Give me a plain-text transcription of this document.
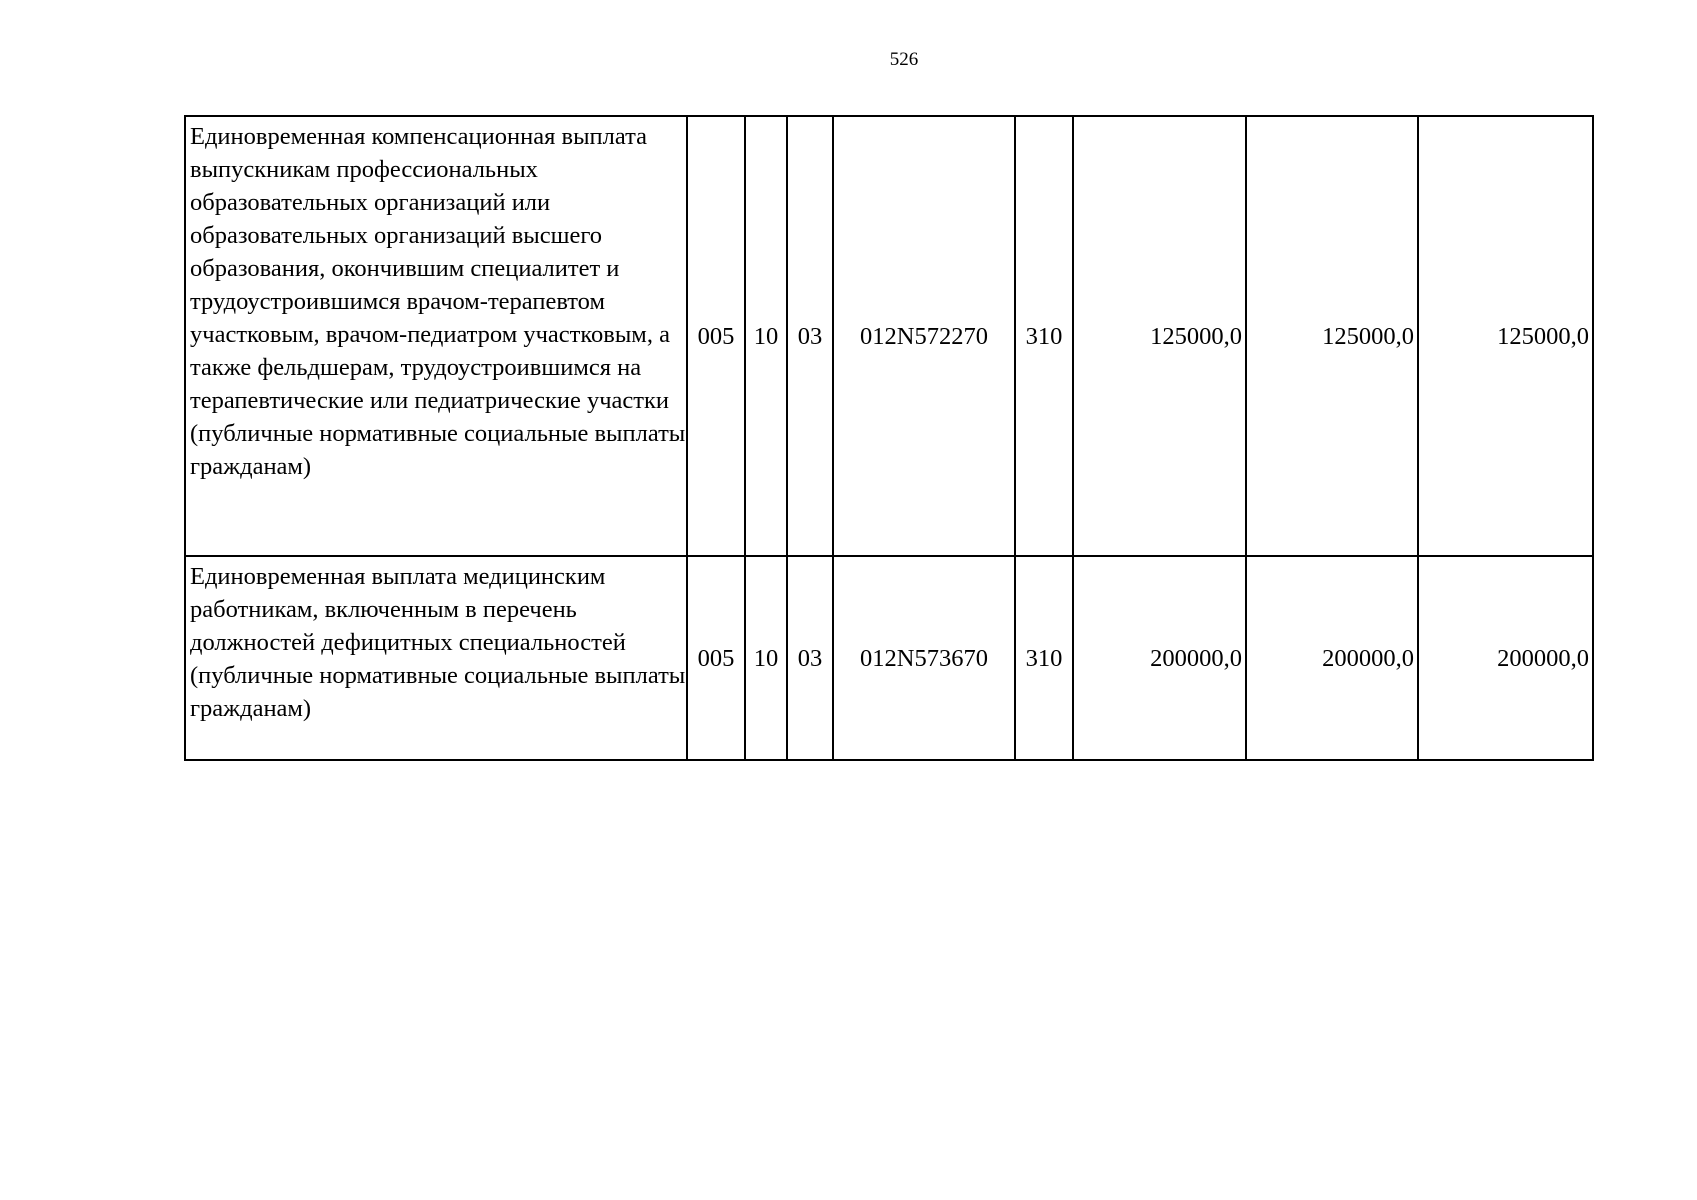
526
Единовременная компенсационная выплата выпускникам профессиональных образовательных организаций или образовательных организаций высшего образования, окончившим специалитет и трудоустроившимся врачом-терапевтом участковым, врачом-педиатром участковым, а также фельдшерам, трудоустроившимся на терапевтические или педиатрические участки (публичные нормативные социальные выплаты гражданам)	005	10	03	012N572270	310	125000,0	125000,0	125000,0
Единовременная выплата медицинским работникам, включенным в перечень должностей дефицитных специальностей (публичные нормативные социальные выплаты гражданам)	005	10	03	012N573670	310	200000,0	200000,0	200000,0
